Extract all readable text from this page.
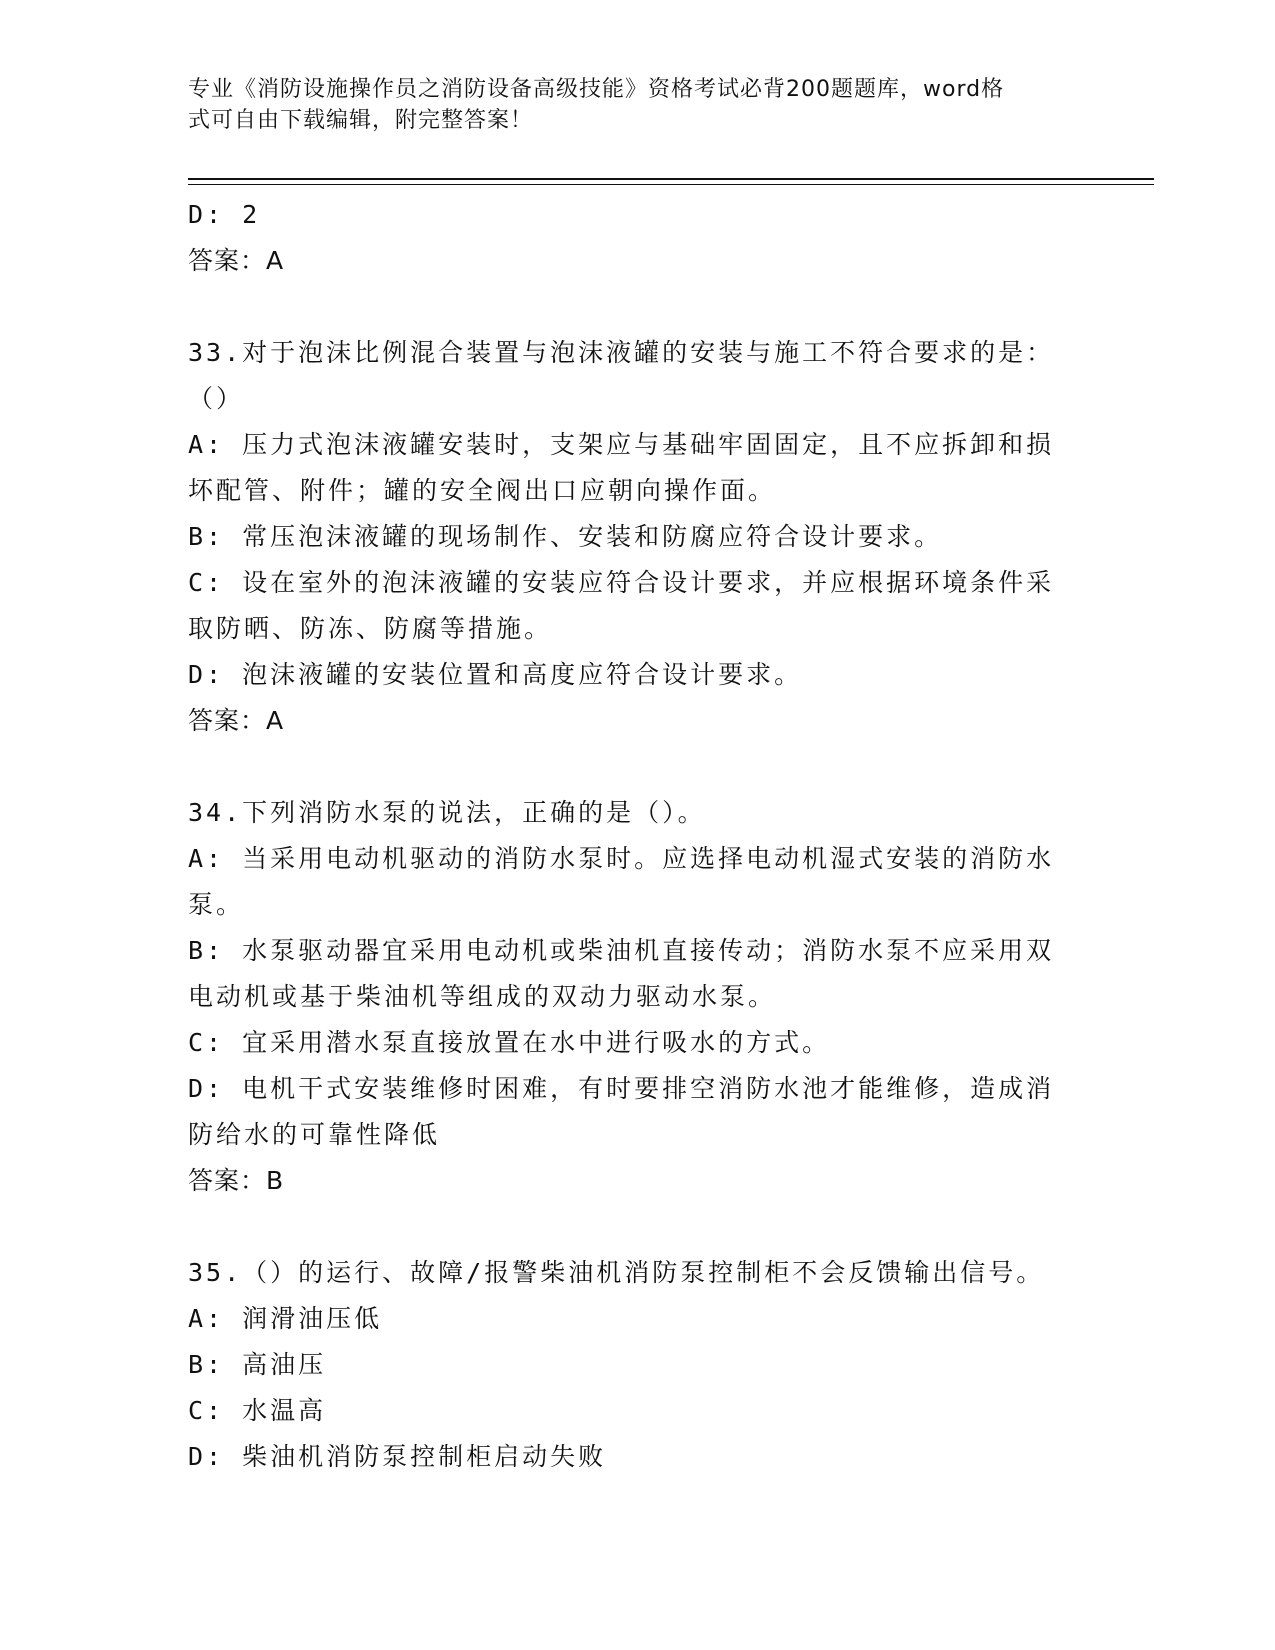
专业《消防设施操作员之消防设备高级技能》资格考试必背200题题库，word格
式可自由下载编辑，附完整答案！
D: 2
答案：A
33.对于泡沫比例混合装置与泡沫液罐的安装与施工不符合要求的是：
（）
A: 压力式泡沫液罐安装时，支架应与基础牢固固定，且不应拆卸和损
坏配管、附件；罐的安全阀出口应朝向操作面。
B: 常压泡沫液罐的现场制作、安装和防腐应符合设计要求。
C: 设在室外的泡沫液罐的安装应符合设计要求，并应根据环境条件采
取防晒、防冻、防腐等措施。
D: 泡沫液罐的安装位置和高度应符合设计要求。
答案：A
34.下列消防水泵的说法，正确的是（）。
A: 当采用电动机驱动的消防水泵时。应选择电动机湿式安装的消防水
泵。
B: 水泵驱动器宜采用电动机或柴油机直接传动；消防水泵不应采用双
电动机或基于柴油机等组成的双动力驱动水泵。
C: 宜采用潜水泵直接放置在水中进行吸水的方式。
D: 电机干式安装维修时困难，有时要排空消防水池才能维修，造成消
防给水的可靠性降低
答案：B
35.（）的运行、故障/报警柴油机消防泵控制柜不会反馈输出信号。
A: 润滑油压低
B: 高油压
C: 水温高
D: 柴油机消防泵控制柜启动失败
